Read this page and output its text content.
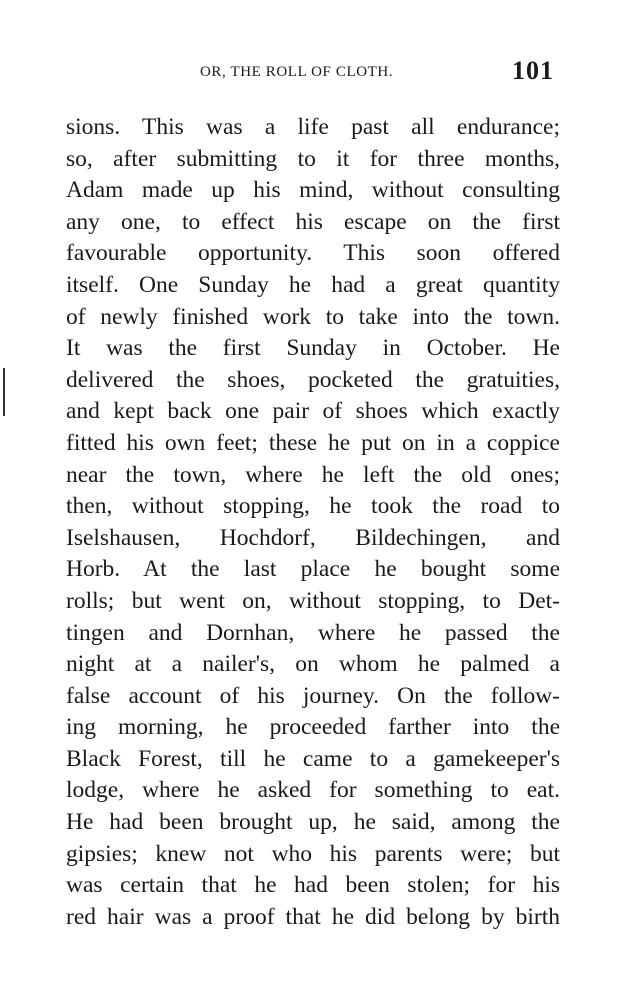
OR, THE ROLL OF CLOTH.	101
sions. This was a life past all endurance;
so, after submitting to it for three months,
Adam made up his mind, without consulting
any one, to effect his escape on the first
favourable opportunity. This soon offered
itself. One Sunday he had a great quantity
of newly finished work to take into the town.
It was the first Sunday in October. He
delivered the shoes, pocketed the gratuities,
and kept back one pair of shoes which exactly
fitted his own feet; these he put on in a coppice
near the town, where he left the old ones;
then, without stopping, he took the road to
Iselshausen, Hochdorf, Bildechingen, and
Horb. At the last place he bought some
rolls; but went on, without stopping, to Det-
tingen and Dornhan, where he passed the
night at a nailer's, on whom he palmed a
false account of his journey. On the follow-
ing morning, he proceeded farther into the
Black Forest, till he came to a gamekeeper's
lodge, where he asked for something to eat.
He had been brought up, he said, among the
gipsies; knew not who his parents were; but
was certain that he had been stolen; for his
red hair was a proof that he did belong by birth
